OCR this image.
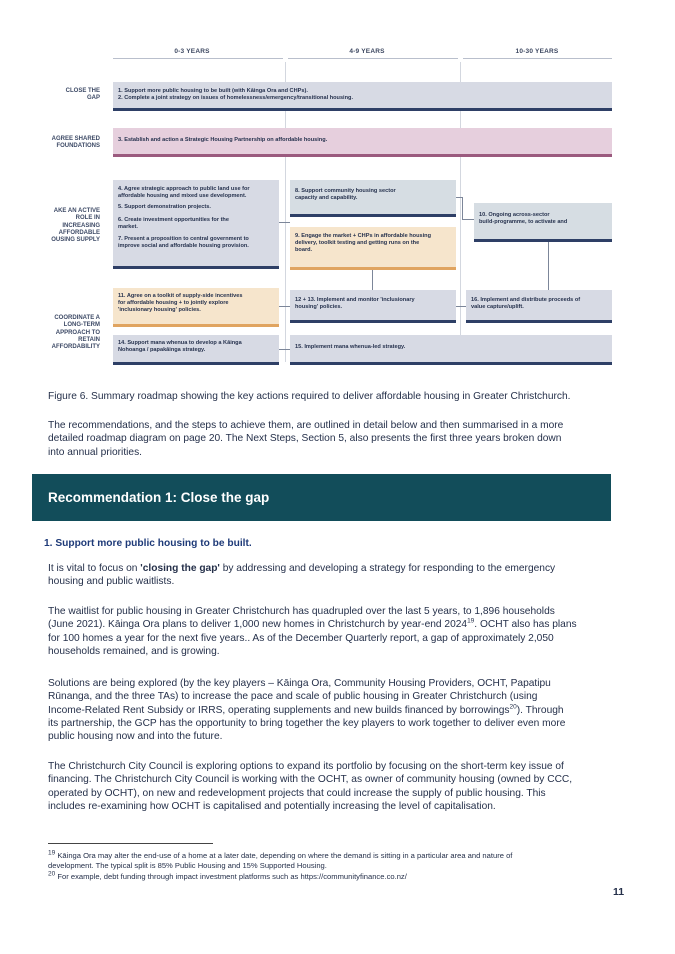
0-3 YEARS	4-9 YEARS	10-30 YEARS
CLOSE THE
GAP
AGREE SHARED
FOUNDATIONS
AKE AN ACTIVE
ROLE IN
INCREASING
AFFORDABLE
OUSING SUPPLY
COORDINATE A
LONG-TERM
APPROACH TO
RETAIN
AFFORDABILITY
1. Support more public housing to be built (with Kāinga Ora and CHPs).
2. Complete a joint strategy on issues of homelessness/emergency/transitional housing.
3. Establish and action a Strategic Housing Partnership on affordable housing.
4. Agree strategic approach to public land use for
affordable housing and mixed use development.
5. Support demonstration projects.
6. Create investment opportunities for the
market.
7. Present a proposition to central government to
improve social and affordable housing provision.
8. Support community housing sector
capacity and capability.
9. Engage the market + CHPs in affordable housing
delivery, toolkit testing and getting runs on the
board.
10. Ongoing across-sector
build-programme, to activate and
11. Agree on a toolkit of supply-side incentives
for affordable housing + to jointly explore
'inclusionary housing' policies.
12 + 13. Implement and monitor 'inclusionary
housing' policies.
16. Implement and distribute proceeds of
value capture/uplift.
14. Support mana whenua to develop a Kāinga
Nohoanga / papakāinga strategy.
15. Implement mana whenua-led strategy.

Figure 6. Summary roadmap showing the key actions required to deliver affordable housing in Greater Christchurch.

The recommendations, and the steps to achieve them, are outlined in detail below and then summarised in a more
detailed roadmap diagram on page 20. The Next Steps, Section 5, also presents the first three years broken down
into annual priorities.

Recommendation 1: Close the gap
1. Support more public housing to be built.

It is vital to focus on 'closing the gap' by addressing and developing a strategy for responding to the emergency
housing and public waitlists.

The waitlist for public housing in Greater Christchurch has quadrupled over the last 5 years, to 1,896 households
(June 2021). Kāinga Ora plans to deliver 1,000 new homes in Christchurch by year-end 2024$^{19}$. OCHT also has plans
for 100 homes a year for the next five years.. As of the December Quarterly report, a gap of approximately 2,050
households remained, and is growing.

Solutions are being explored (by the key players – Kāinga Ora, Community Housing Providers, OCHT, Papatipu
Rūnanga, and the three TAs) to increase the pace and scale of public housing in Greater Christchurch (using
Income-Related Rent Subsidy or IRRS, operating supplements and new builds financed by borrowings$^{20}$). Through
its partnership, the GCP has the opportunity to bring together the key players to work together to deliver even more
public housing now and into the future.

The Christchurch City Council is exploring options to expand its portfolio by focusing on the short-term key issue of
financing. The Christchurch City Council is working with the OCHT, as owner of community housing (owned by CCC,
operated by OCHT), on new and redevelopment projects that could increase the supply of public housing. This
includes re-examining how OCHT is capitalised and potentially increasing the level of capitalisation.

$^{19}$ Kāinga Ora may alter the end-use of a home at a later date, depending on where the demand is sitting in a particular area and nature of
development. The typical split is 85% Public Housing and 15% Supported Housing.
$^{20}$ For example, debt funding through impact investment platforms such as https://communityfinance.co.nz/
11
